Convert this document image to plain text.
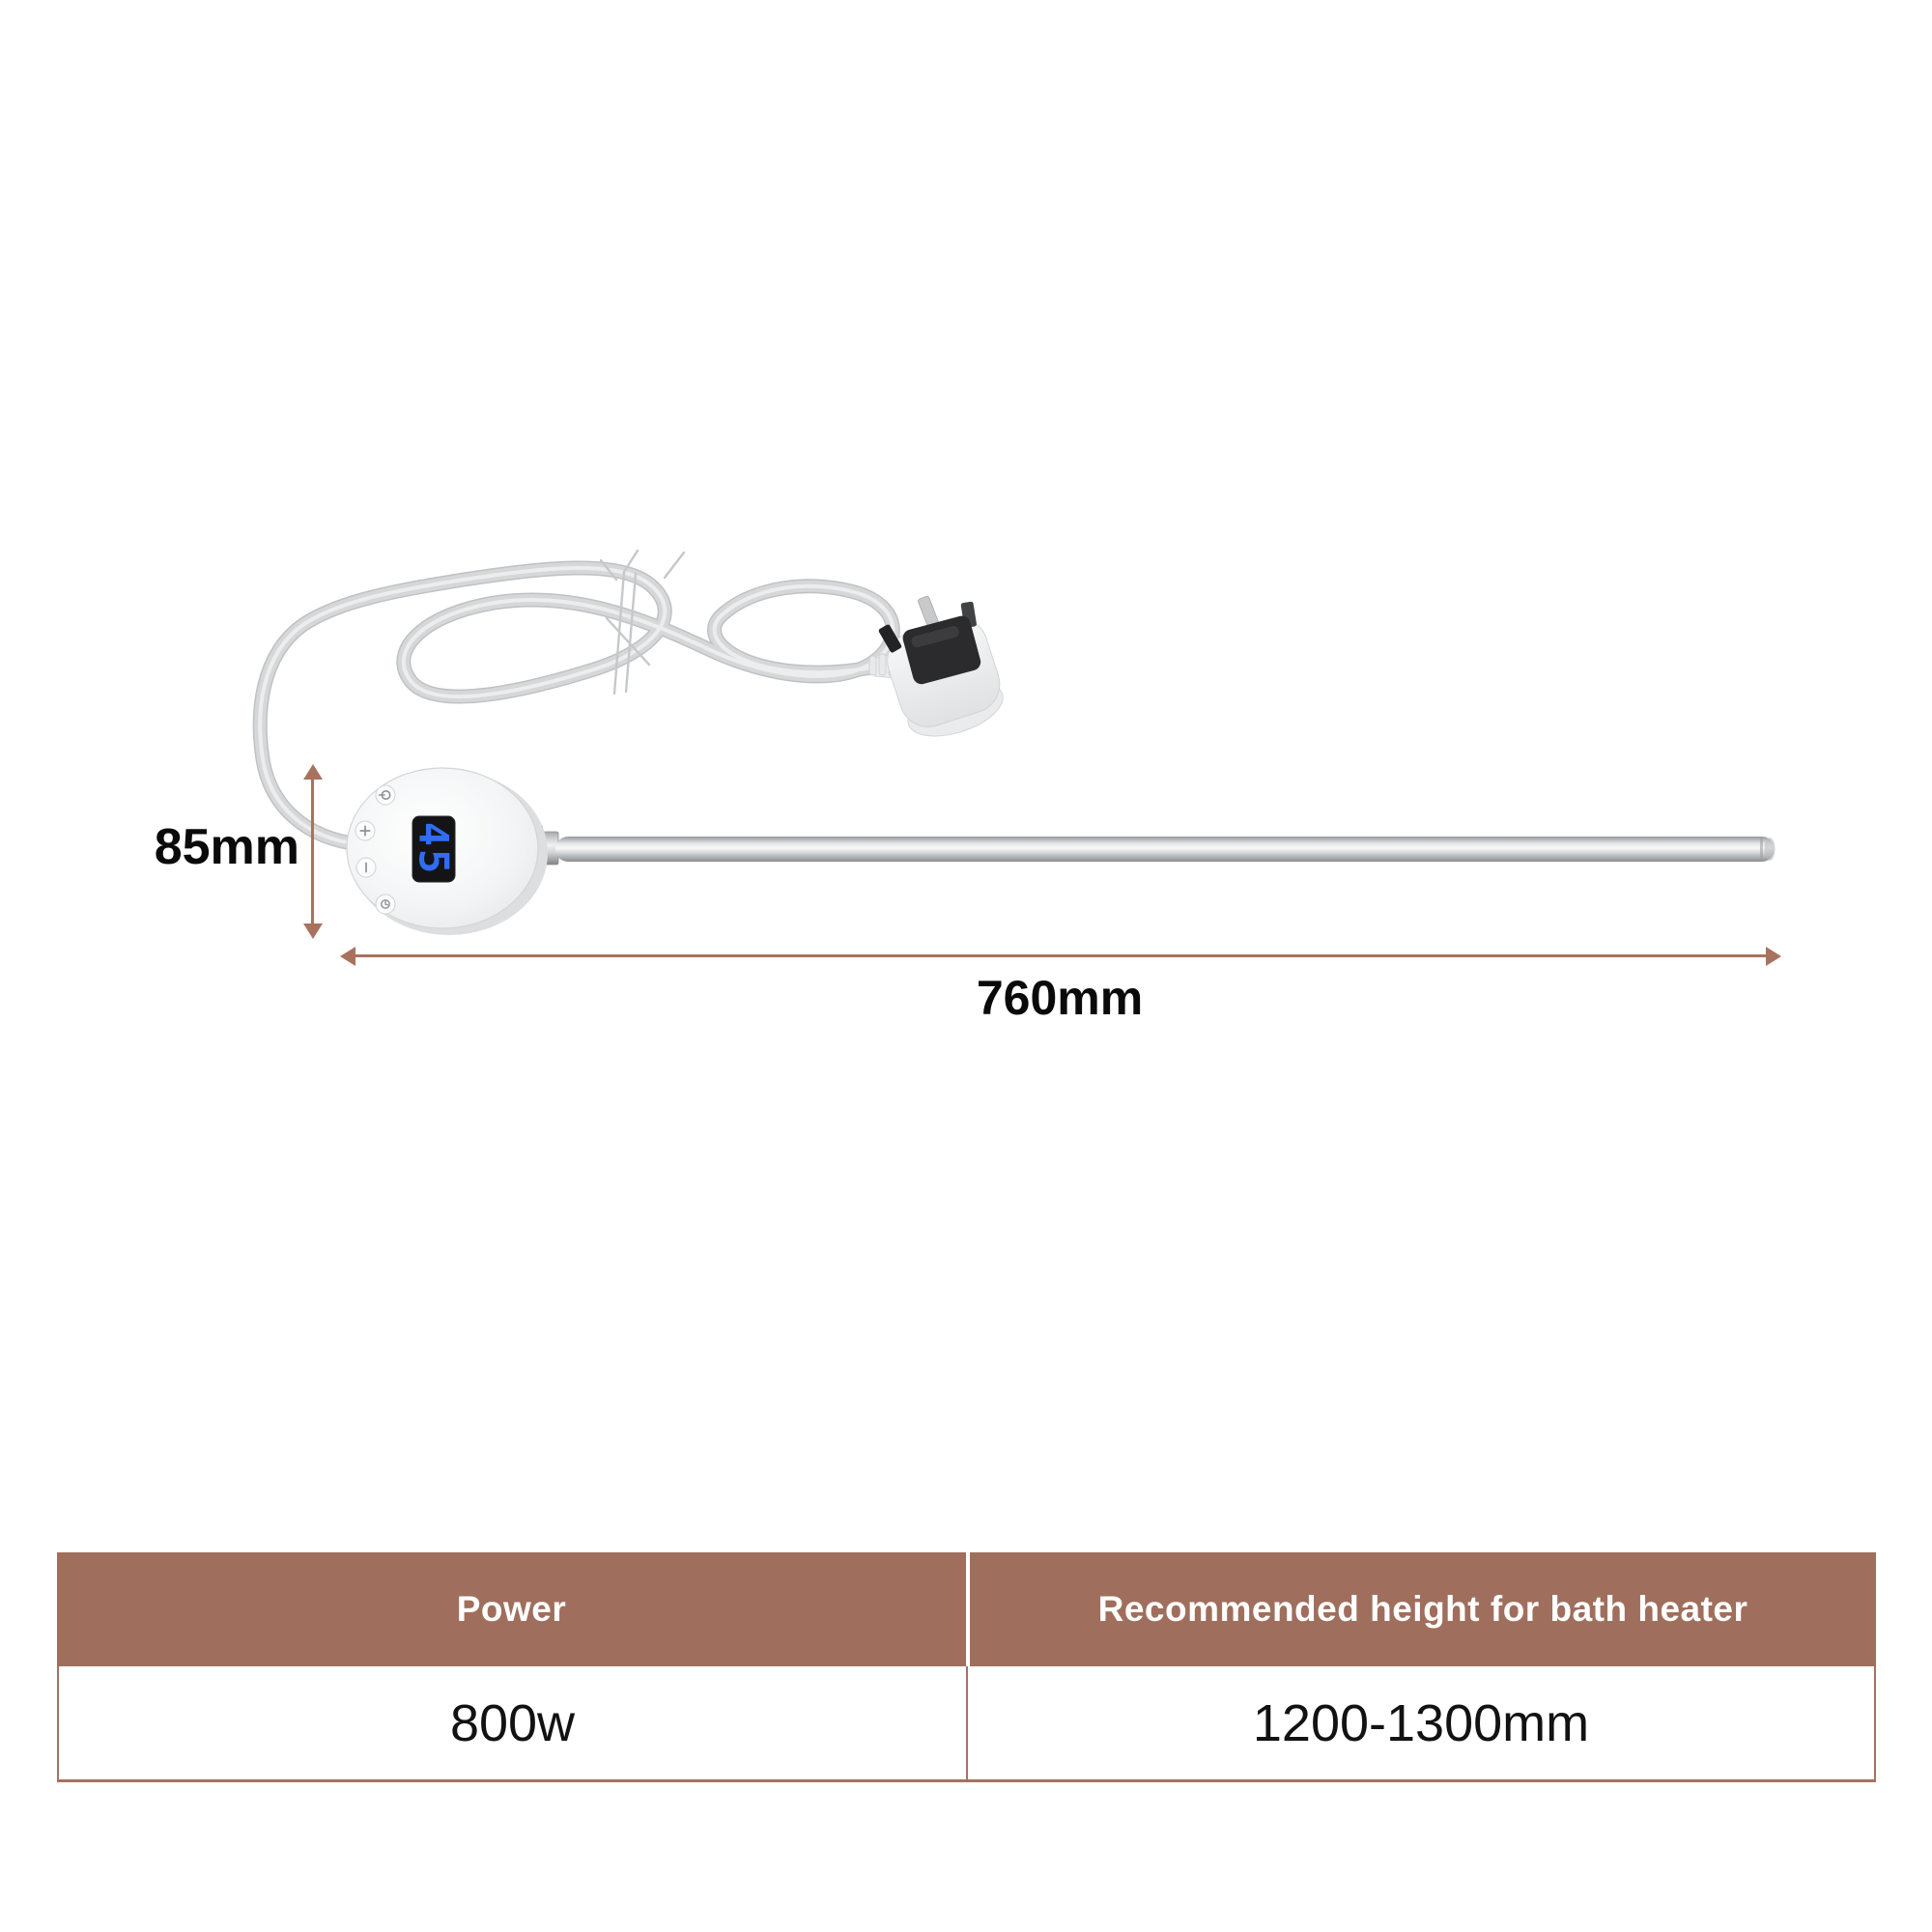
45
85mm
760mm
Power	Recommended height for bath heater
800w	1200-1300mm
